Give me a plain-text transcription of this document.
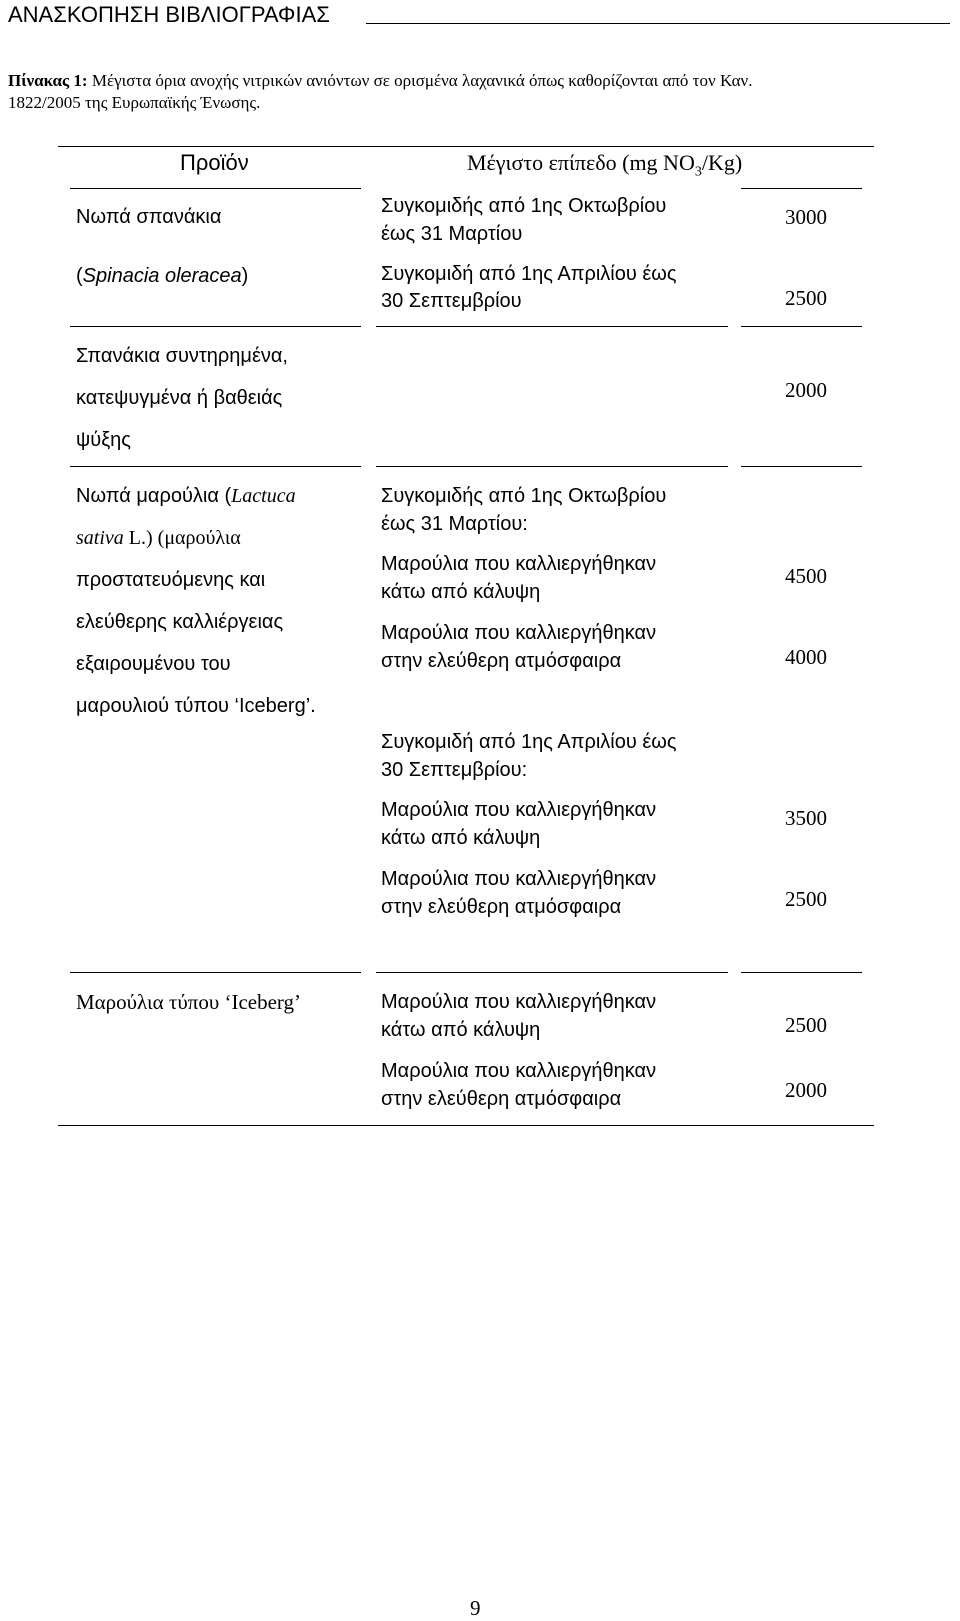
ΑΝΑΣΚΟΠΗΣΗ ΒΙΒΛΙΟΓΡΑΦΙΑΣ
Πίνακας 1: Μέγιστα όρια ανοχής νιτρικών ανιόντων σε ορισμένα λαχανικά όπως καθορίζονται από τον Καν.
1822/2005 της Ευρωπαϊκής Ένωσης.
Προϊόν	Μέγιστο επίπεδο (mg $NO_3/Kg$)
Νωπά σπανάκια
(Spinacia oleracea)
Συγκομιδής από 1ης Οκτωβρίου
έως 31 Μαρτίου
Συγκομιδή από 1ης Απριλίου έως
30 Σεπτεμβρίου
3000
2500
Σπανάκια συντηρημένα,
κατεψυγμένα ή βαθειάς
ψύξης
2000
Νωπά μαρούλια (Lactuca
sativa L.) (μαρούλια
προστατευόμενης και
ελεύθερης καλλιέργειας
εξαιρουμένου του
μαρουλιού τύπου ‘Iceberg’.
Συγκομιδής από 1ης Οκτωβρίου
έως 31 Μαρτίου:
Μαρούλια που καλλιεργήθηκαν
κάτω από κάλυψη
Μαρούλια που καλλιεργήθηκαν
στην ελεύθερη ατμόσφαιρα
4500
4000
Συγκομιδή από 1ης Απριλίου έως
30 Σεπτεμβρίου:
Μαρούλια που καλλιεργήθηκαν
κάτω από κάλυψη
Μαρούλια που καλλιεργήθηκαν
στην ελεύθερη ατμόσφαιρα
3500
2500
Μαρούλια τύπου ‘Iceberg’	Μαρούλια που καλλιεργήθηκαν
κάτω από κάλυψη
Μαρούλια που καλλιεργήθηκαν
στην ελεύθερη ατμόσφαιρα
2500
2000
9
